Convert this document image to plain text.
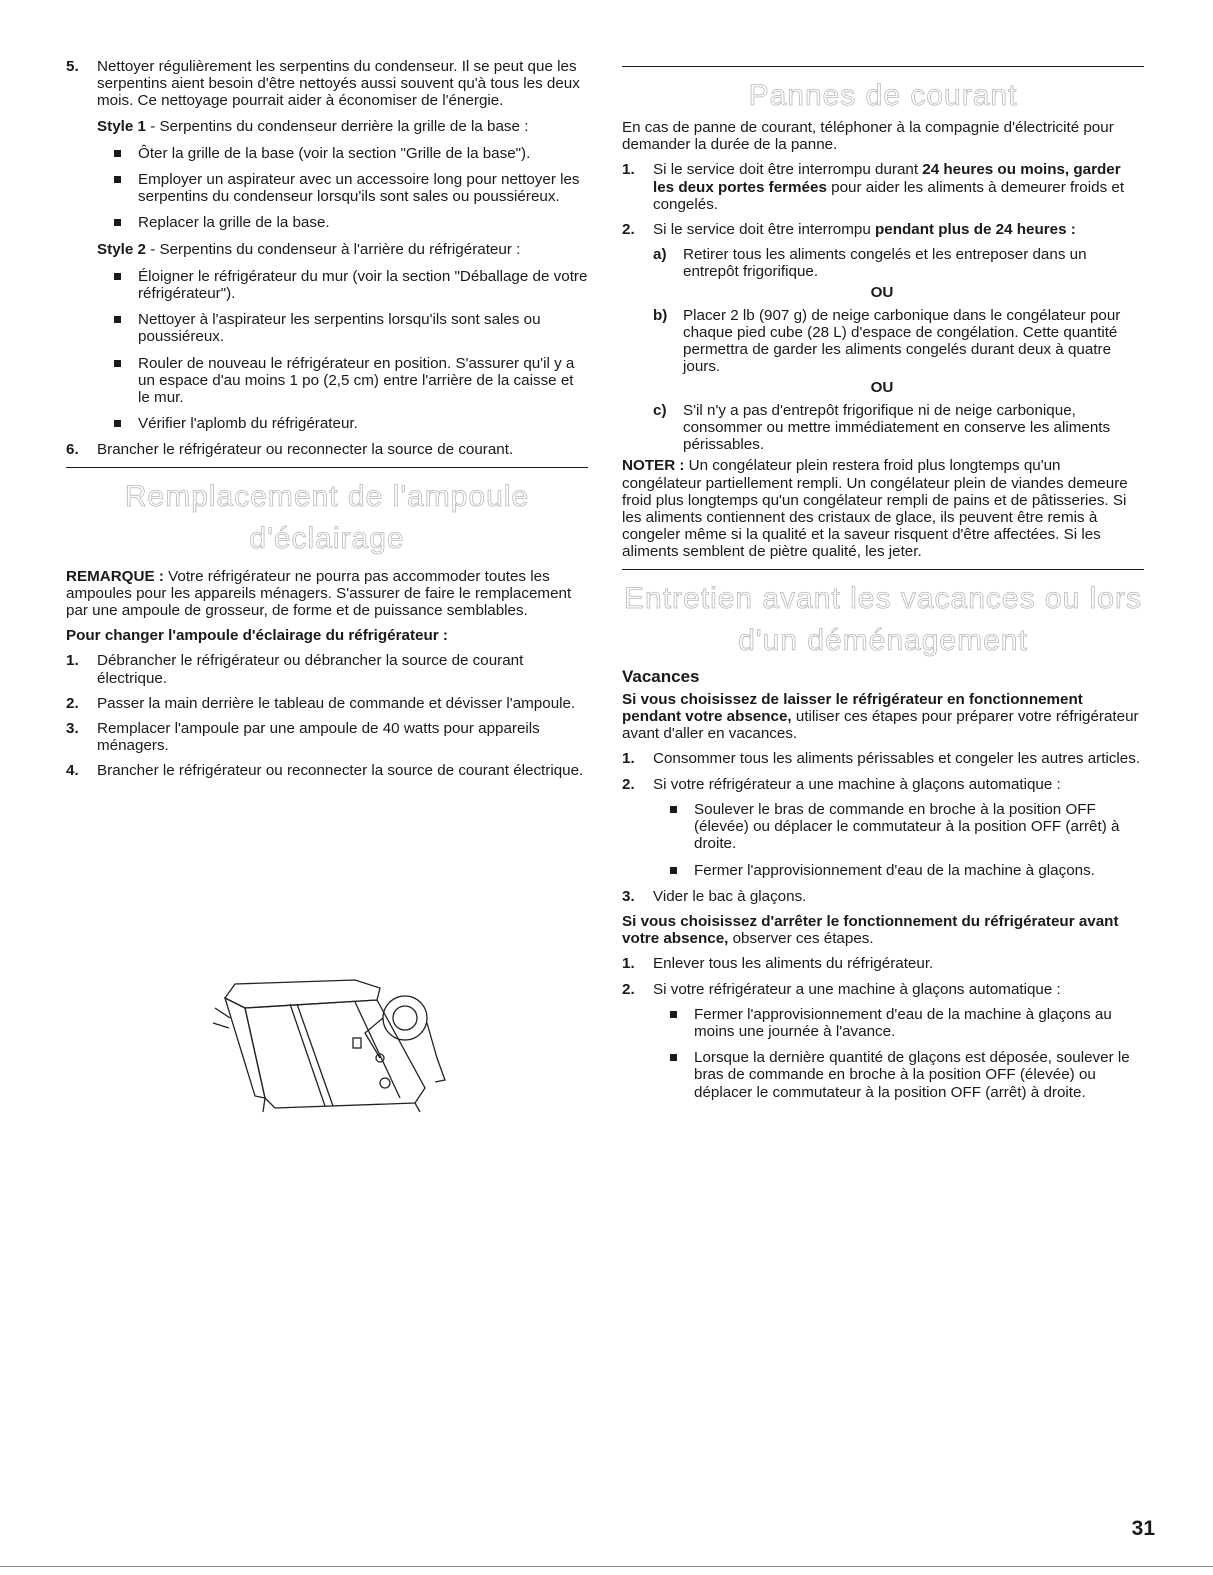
5.	Nettoyer régulièrement les serpentins du condenseur. Il se peut que les serpentins aient besoin d'être nettoyés aussi souvent qu'à tous les deux mois. Ce nettoyage pourrait aider à économiser de l'énergie.

Style 1 - Serpentins du condenseur derrière la grille de la base :

Ôter la grille de la base (voir la section "Grille de la base").
Employer un aspirateur avec un accessoire long pour nettoyer les serpentins du condenseur lorsqu'ils sont sales ou poussiéreux.
Replacer la grille de la base.

Style 2 - Serpentins du condenseur à l'arrière du réfrigérateur :

Éloigner le réfrigérateur du mur (voir la section "Déballage de votre réfrigérateur").
Nettoyer à l'aspirateur les serpentins lorsqu'ils sont sales ou poussiéreux.
Rouler de nouveau le réfrigérateur en position. S'assurer qu'il y a un espace d'au moins 1 po (2,5 cm) entre l'arrière de la caisse et le mur.
Vérifier l'aplomb du réfrigérateur.
6.	Brancher le réfrigérateur ou reconnecter la source de courant.
Remplacement de l'ampoule
d'éclairage

REMARQUE : Votre réfrigérateur ne pourra pas accommoder toutes les ampoules pour les appareils ménagers. S'assurer de faire le remplacement par une ampoule de grosseur, de forme et de puissance semblables.

Pour changer l'ampoule d'éclairage du réfrigérateur :

1.	Débrancher le réfrigérateur ou débrancher la source de courant électrique.
2.	Passer la main derrière le tableau de commande et dévisser l'ampoule.
3.	Remplacer l'ampoule par une ampoule de 40 watts pour appareils ménagers.
4.	Brancher le réfrigérateur ou reconnecter la source de courant électrique.
Pannes de courant

En cas de panne de courant, téléphoner à la compagnie d'électricité pour demander la durée de la panne.

1.	Si le service doit être interrompu durant 24 heures ou moins, garder les deux portes fermées pour aider les aliments à demeurer froids et congelés.
2.	Si le service doit être interrompu pendant plus de 24 heures :
a)	Retirer tous les aliments congelés et les entreposer dans un entrepôt frigorifique.

OU

b)	Placer 2 lb (907 g) de neige carbonique dans le congélateur pour chaque pied cube (28 L) d'espace de congélation. Cette quantité permettra de garder les aliments congelés durant deux à quatre jours.

OU

c)	S'il n'y a pas d'entrepôt frigorifique ni de neige carbonique, consommer ou mettre immédiatement en conserve les aliments périssables.

NOTER : Un congélateur plein restera froid plus longtemps qu'un congélateur partiellement rempli. Un congélateur plein de viandes demeure froid plus longtemps qu'un congélateur rempli de pains et de pâtisseries. Si les aliments contiennent des cristaux de glace, ils peuvent être remis à congeler même si la qualité et la saveur risquent d'être affectées. Si les aliments semblent de piètre qualité, les jeter.

Entretien avant les vacances ou lors
d'un déménagement

Vacances

Si vous choisissez de laisser le réfrigérateur en fonctionnement pendant votre absence, utiliser ces étapes pour préparer votre réfrigérateur avant d'aller en vacances.

1.	Consommer tous les aliments périssables et congeler les autres articles.
2.	Si votre réfrigérateur a une machine à glaçons automatique :
Soulever le bras de commande en broche à la position OFF (élevée) ou déplacer le commutateur à la position OFF (arrêt) à droite.
Fermer l'approvisionnement d'eau de la machine à glaçons.
3.	Vider le bac à glaçons.

Si vous choisissez d'arrêter le fonctionnement du réfrigérateur avant votre absence, observer ces étapes.

1.	Enlever tous les aliments du réfrigérateur.
2.	Si votre réfrigérateur a une machine à glaçons automatique :
Fermer l'approvisionnement d'eau de la machine à glaçons au moins une journée à l'avance.
Lorsque la dernière quantité de glaçons est déposée, soulever le bras de commande en broche à la position OFF (élevée) ou déplacer le commutateur à la position OFF (arrêt) à droite.
31
